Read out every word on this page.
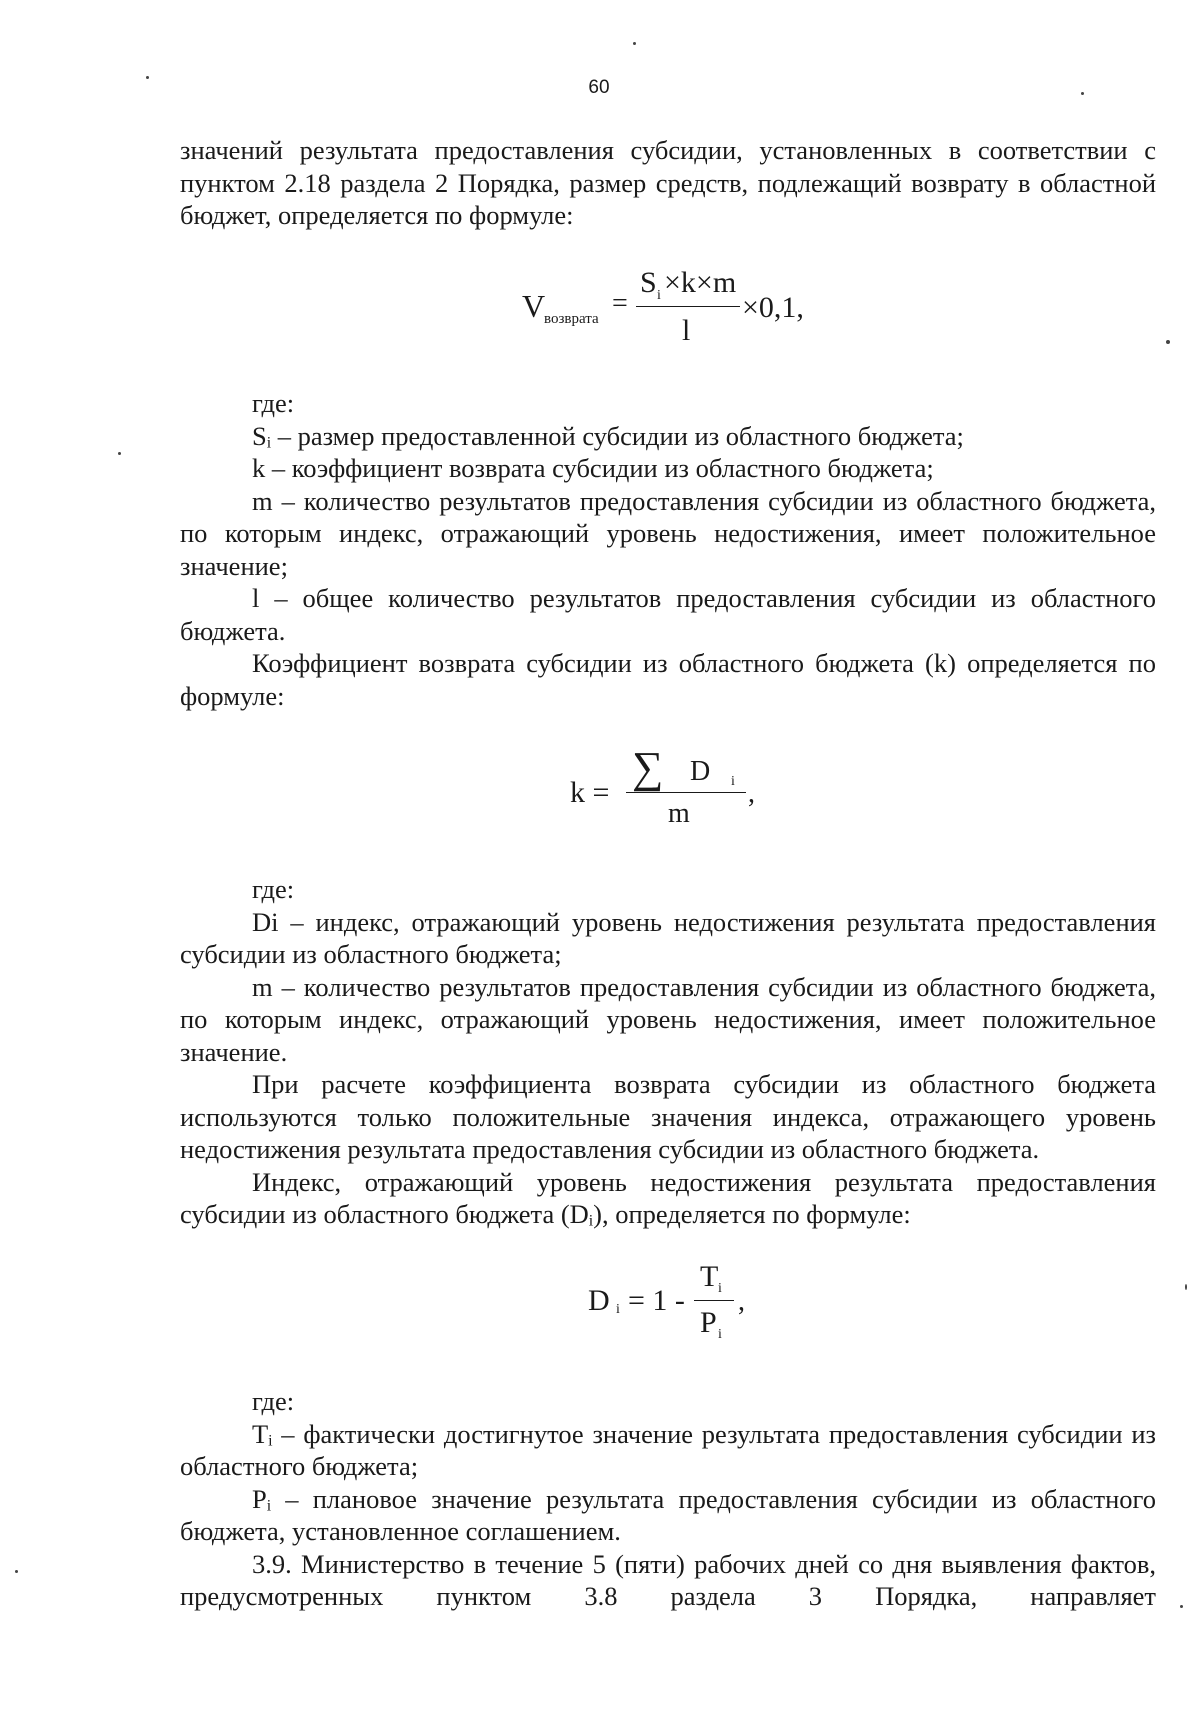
60

значений результата предоставления субсидии, установленных в соответствии с пунктом 2.18 раздела 2 Порядка, размер средств, подлежащий возврату в областной бюджет, определяется по формуле:

V
возврата =
S i ×k×m
l
×0,1,

где:

Sᵢ – размер предоставленной субсидии из областного бюджета;

k – коэффициент возврата субсидии из областного бюджета;

m – количество результатов предоставления субсидии из областного бюджета, по которым индекс, отражающий уровень недостижения, имеет положительное значение;

l – общее количество результатов предоставления субсидии из областного бюджета.

Коэффициент возврата субсидии из областного бюджета (k) определяется по формуле:

k =
∑ D i
m
,

где:

Di – индекс, отражающий уровень недостижения результата предоставления субсидии из областного бюджета;

m – количество результатов предоставления субсидии из областного бюджета, по которым индекс, отражающий уровень недостижения, имеет положительное значение.

При расчете коэффициента возврата субсидии из областного бюджета используются только положительные значения индекса, отражающего уровень недостижения результата предоставления субсидии из областного бюджета.

Индекс, отражающий уровень недостижения результата предоставления субсидии из областного бюджета (Dᵢ), определяется по формуле:

D i = 1 -
T i
P i
,

где:

Tᵢ – фактически достигнутое значение результата предоставления субсидии из областного бюджета;

Pᵢ – плановое значение результата предоставления субсидии из областного бюджета, установленное соглашением.

3.9. Министерство в течение 5 (пяти) рабочих дней со дня выявления фактов, предусмотренных пунктом 3.8 раздела 3 Порядка, направляет
